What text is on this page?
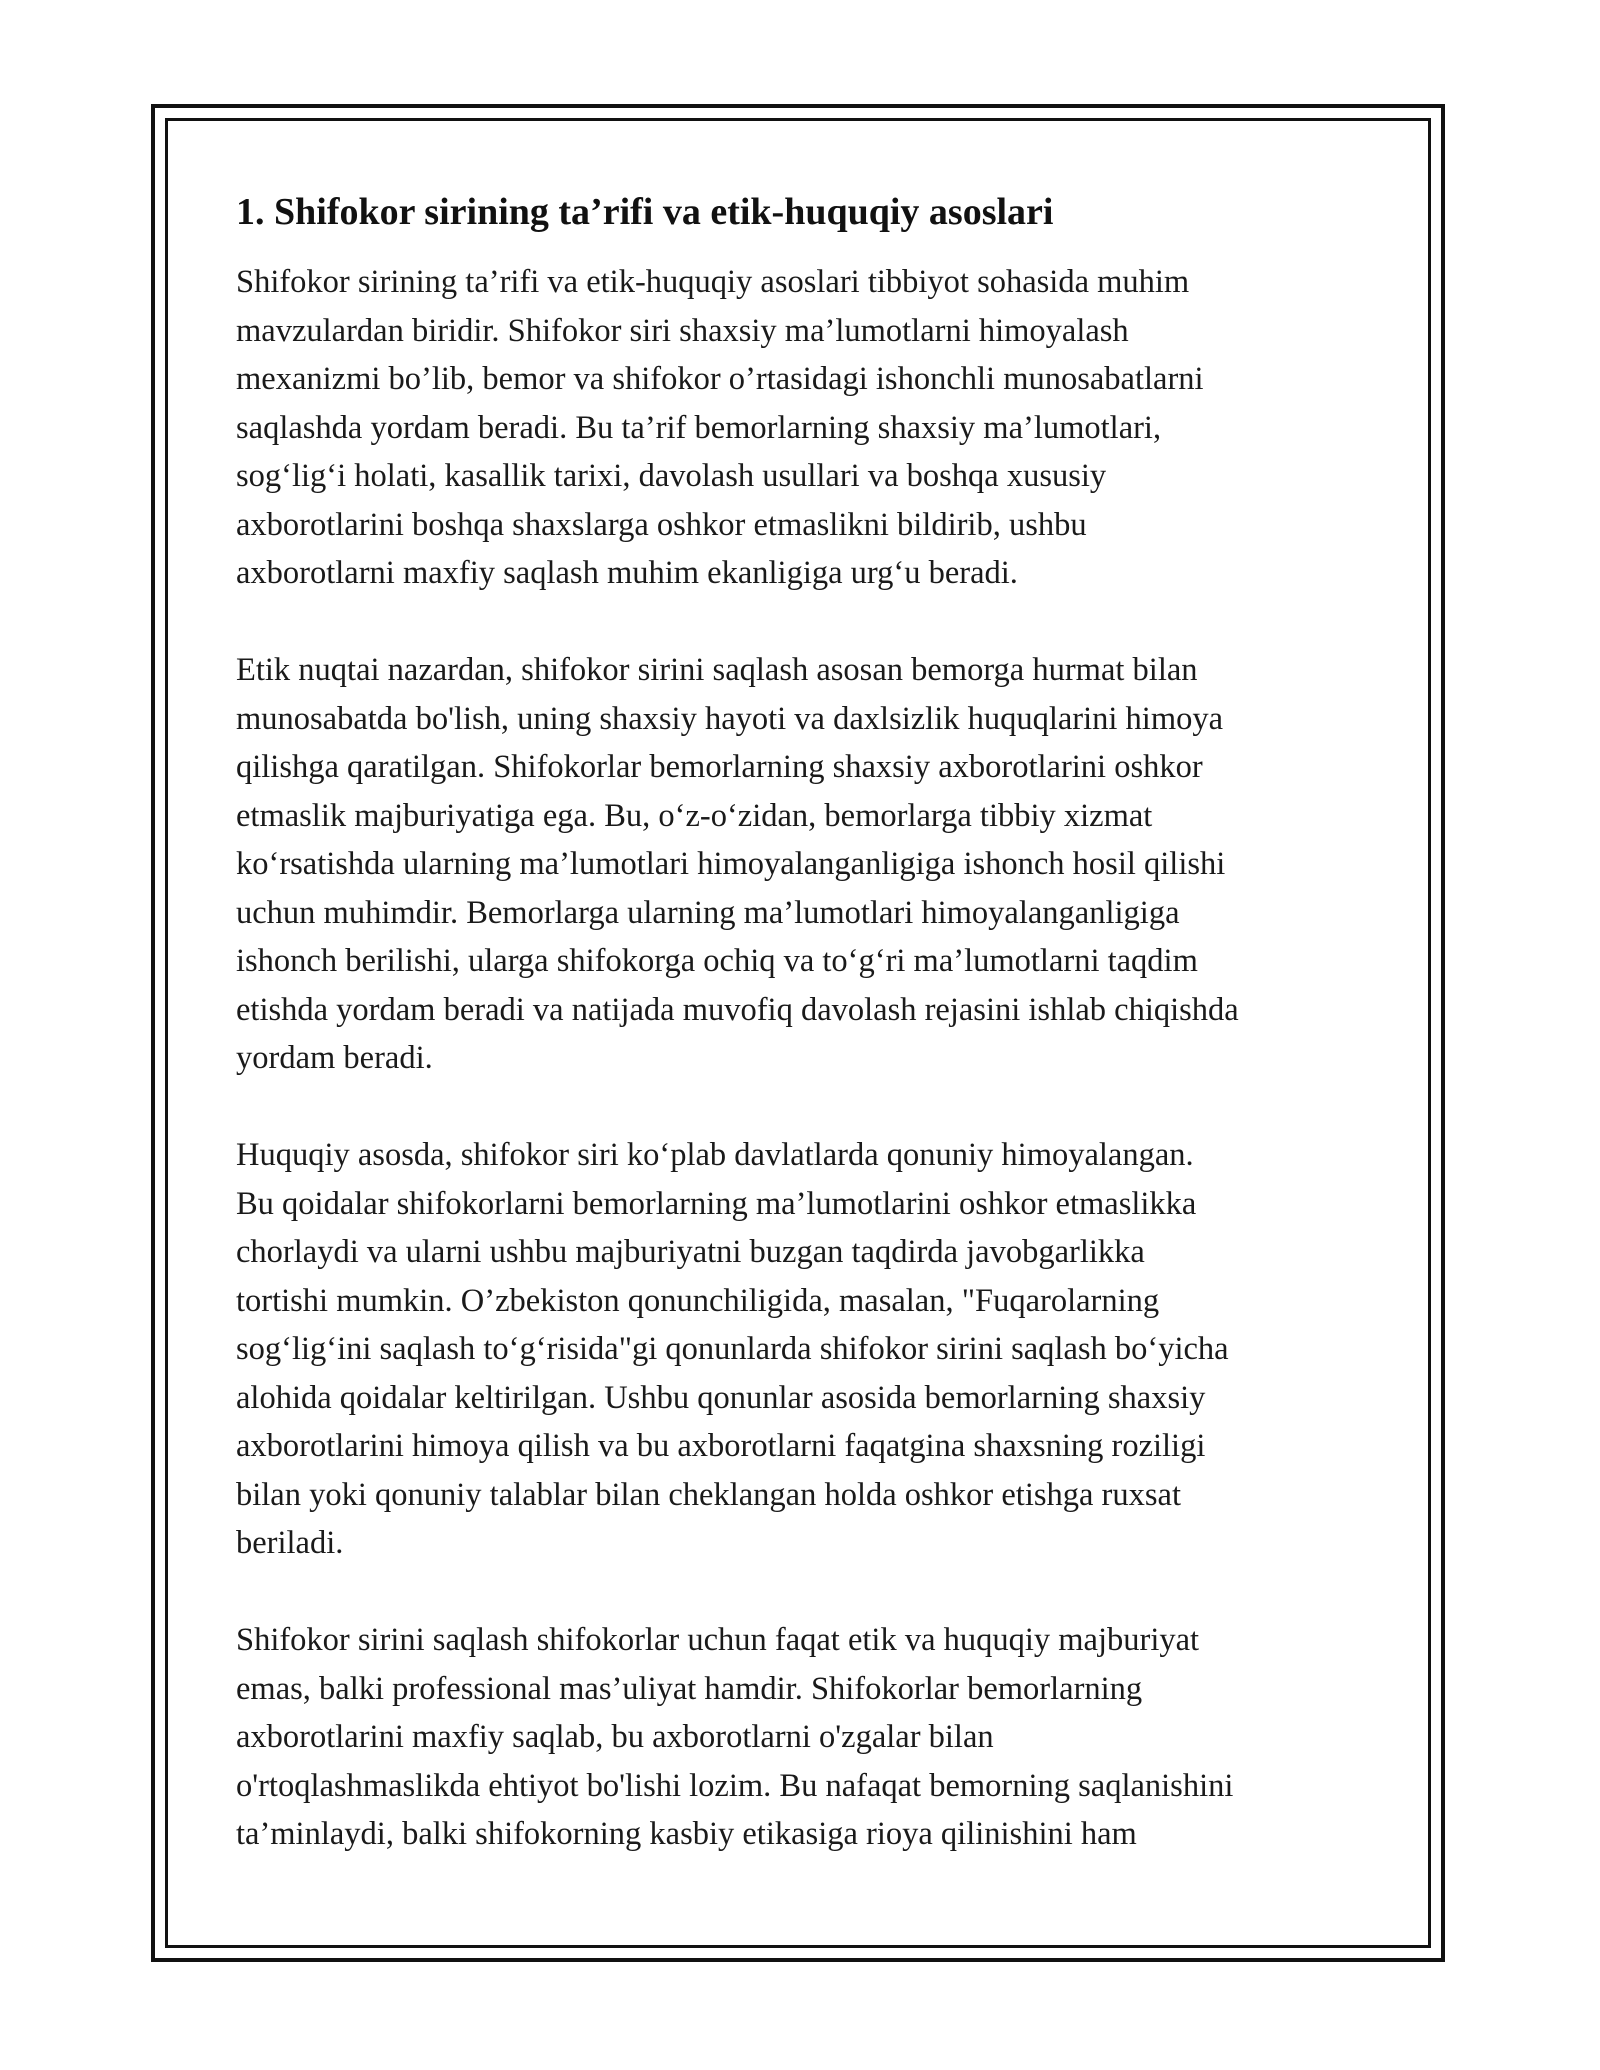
1. Shifokor sirining ta’rifi va etik-huquqiy asoslari
Shifokor sirining ta’rifi va etik-huquqiy asoslari tibbiyot sohasida muhim
mavzulardan biridir. Shifokor siri shaxsiy ma’lumotlarni himoyalash
mexanizmi bo’lib, bemor va shifokor o’rtasidagi ishonchli munosabatlarni
saqlashda yordam beradi. Bu ta’rif bemorlarning shaxsiy ma’lumotlari,
sog‘lig‘i holati, kasallik tarixi, davolash usullari va boshqa xususiy
axborotlarini boshqa shaxslarga oshkor etmaslikni bildirib, ushbu
axborotlarni maxfiy saqlash muhim ekanligiga urg‘u beradi.
Etik nuqtai nazardan, shifokor sirini saqlash asosan bemorga hurmat bilan
munosabatda bo'lish, uning shaxsiy hayoti va daxlsizlik huquqlarini himoya
qilishga qaratilgan. Shifokorlar bemorlarning shaxsiy axborotlarini oshkor
etmaslik majburiyatiga ega. Bu, o‘z-o‘zidan, bemorlarga tibbiy xizmat
ko‘rsatishda ularning ma’lumotlari himoyalanganligiga ishonch hosil qilishi
uchun muhimdir. Bemorlarga ularning ma’lumotlari himoyalanganligiga
ishonch berilishi, ularga shifokorga ochiq va to‘g‘ri ma’lumotlarni taqdim
etishda yordam beradi va natijada muvofiq davolash rejasini ishlab chiqishda
yordam beradi.
Huquqiy asosda, shifokor siri ko‘plab davlatlarda qonuniy himoyalangan.
Bu qoidalar shifokorlarni bemorlarning ma’lumotlarini oshkor etmaslikka
chorlaydi va ularni ushbu majburiyatni buzgan taqdirda javobgarlikka
tortishi mumkin. O’zbekiston qonunchiligida, masalan, "Fuqarolarning
sog‘lig‘ini saqlash to‘g‘risida"gi qonunlarda shifokor sirini saqlash bo‘yicha
alohida qoidalar keltirilgan. Ushbu qonunlar asosida bemorlarning shaxsiy
axborotlarini himoya qilish va bu axborotlarni faqatgina shaxsning roziligi
bilan yoki qonuniy talablar bilan cheklangan holda oshkor etishga ruxsat
beriladi.
Shifokor sirini saqlash shifokorlar uchun faqat etik va huquqiy majburiyat
emas, balki professional mas’uliyat hamdir. Shifokorlar bemorlarning
axborotlarini maxfiy saqlab, bu axborotlarni o'zgalar bilan
o'rtoqlashmaslikda ehtiyot bo'lishi lozim. Bu nafaqat bemorning saqlanishini
ta’minlaydi, balki shifokorning kasbiy etikasiga rioya qilinishini ham
